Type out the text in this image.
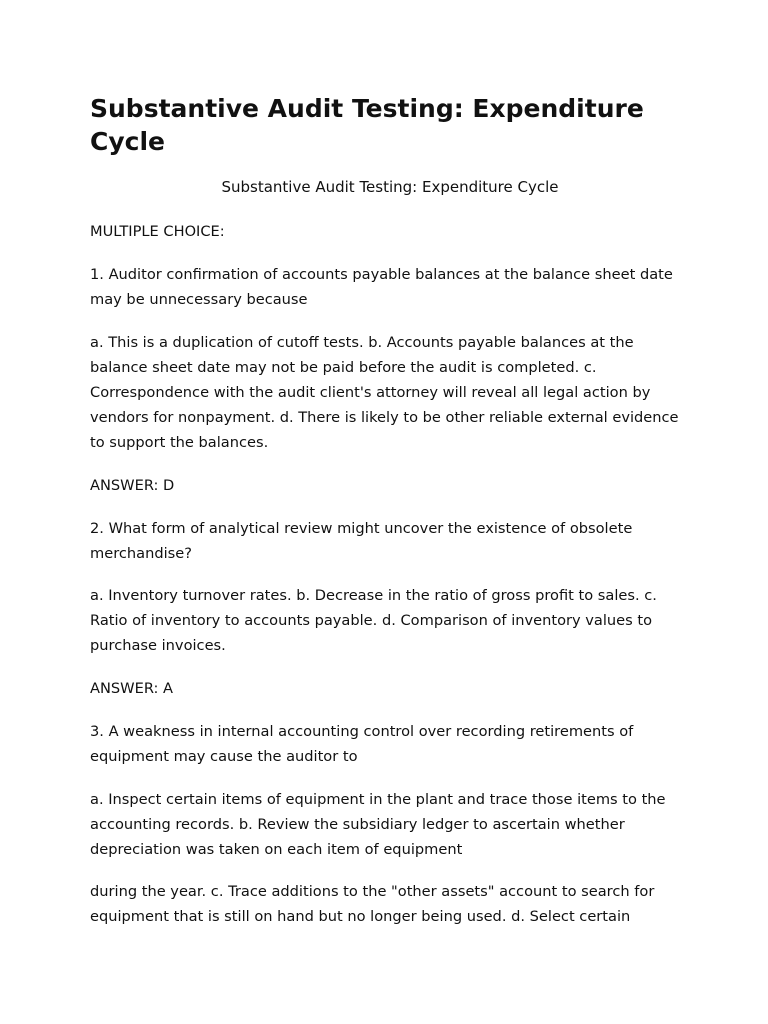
Substantive Audit Testing: Expenditure Cycle
Substantive Audit Testing: Expenditure Cycle

MULTIPLE CHOICE:

1. Auditor confirmation of accounts payable balances at the balance sheet date may be unnecessary because

a. This is a duplication of cutoff tests. b. Accounts payable balances at the balance sheet date may not be paid before the audit is completed. c. Correspondence with the audit client's attorney will reveal all legal action by vendors for nonpayment. d. There is likely to be other reliable external evidence to support the balances.

ANSWER: D

2. What form of analytical review might uncover the existence of obsolete merchandise?

a. Inventory turnover rates. b. Decrease in the ratio of gross profit to sales. c. Ratio of inventory to accounts payable. d. Comparison of inventory values to purchase invoices.

ANSWER: A

3. A weakness in internal accounting control over recording retirements of equipment may cause the auditor to

a. Inspect certain items of equipment in the plant and trace those items to the accounting records. b. Review the subsidiary ledger to ascertain whether depreciation was taken on each item of equipment

during the year. c. Trace additions to the "other assets" account to search for equipment that is still on hand but no longer being used. d. Select certain
